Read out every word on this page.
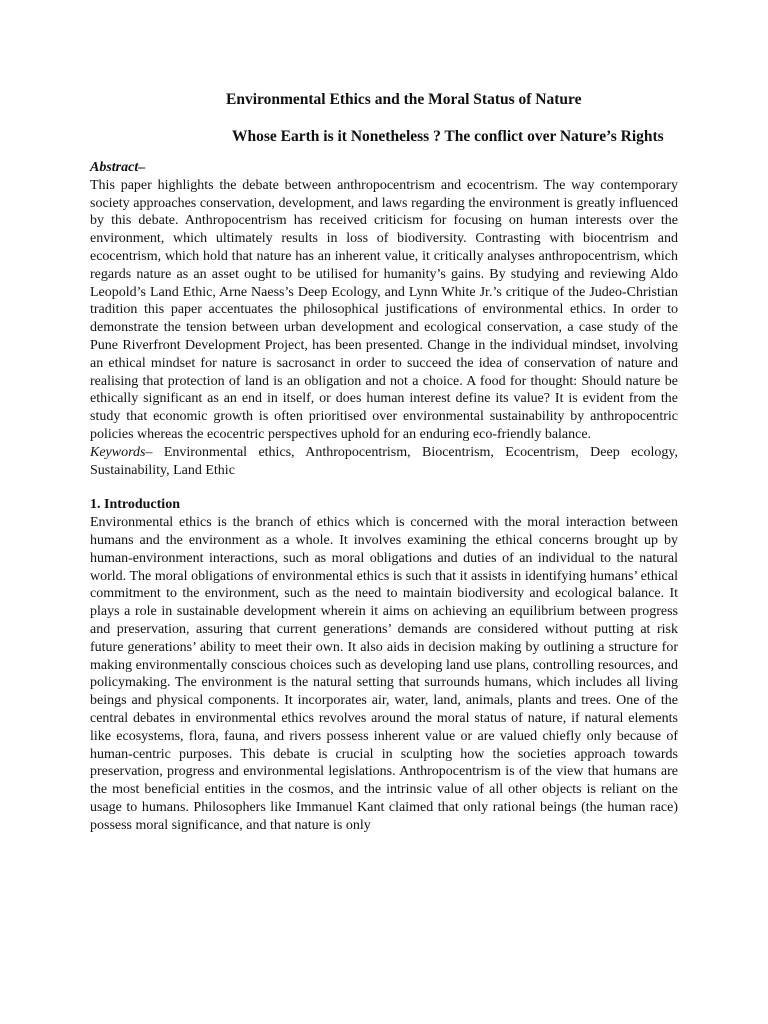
Environmental Ethics and the Moral Status of Nature
Whose Earth is it Nonetheless ? The conflict over Nature’s Rights
Abstract–

This paper highlights the debate between anthropocentrism and ecocentrism. The way contemporary society approaches conservation, development, and laws regarding the environment is greatly influenced by this debate. Anthropocentrism has received criticism for focusing on human interests over the environment, which ultimately results in loss of biodiversity. Contrasting with biocentrism and ecocentrism, which hold that nature has an inherent value, it critically analyses anthropocentrism, which regards nature as an asset ought to be utilised for humanity’s gains. By studying and reviewing Aldo Leopold’s Land Ethic, Arne Naess’s Deep Ecology, and Lynn White Jr.’s critique of the Judeo-Christian tradition this paper accentuates the philosophical justifications of environmental ethics. In order to demonstrate the tension between urban development and ecological conservation, a case study of the Pune Riverfront Development Project, has been presented. Change in the individual mindset, involving an ethical mindset for nature is sacrosanct in order to succeed the idea of conservation of nature and realising that protection of land is an obligation and not a choice. A food for thought: Should nature be ethically significant as an end in itself, or does human interest define its value? It is evident from the study that economic growth is often prioritised over environmental sustainability by anthropocentric policies whereas the ecocentric perspectives uphold for an enduring eco-friendly balance.

Keywords– Environmental ethics, Anthropocentrism, Biocentrism, Ecocentrism, Deep ecology, Sustainability, Land Ethic

1. Introduction

Environmental ethics is the branch of ethics which is concerned with the moral interaction between humans and the environment as a whole. It involves examining the ethical concerns brought up by human-environment interactions, such as moral obligations and duties of an individual to the natural world. The moral obligations of environmental ethics is such that it assists in identifying humans’ ethical commitment to the environment, such as the need to maintain biodiversity and ecological balance. It plays a role in sustainable development wherein it aims on achieving an equilibrium between progress and preservation, assuring that current generations’ demands are considered without putting at risk future generations’ ability to meet their own. It also aids in decision making by outlining a structure for making environmentally conscious choices such as developing land use plans, controlling resources, and policymaking. The environment is the natural setting that surrounds humans, which includes all living beings and physical components. It incorporates air, water, land, animals, plants and trees. One of the central debates in environmental ethics revolves around the moral status of nature, if natural elements like ecosystems, flora, fauna, and rivers possess inherent value or are valued chiefly only because of human-centric purposes. This debate is crucial in sculpting how the societies approach towards preservation, progress and environmental legislations. Anthropocentrism is of the view that humans are the most beneficial entities in the cosmos, and the intrinsic value of all other objects is reliant on the usage to humans. Philosophers like Immanuel Kant claimed that only rational beings (the human race) possess moral significance, and that nature is only
